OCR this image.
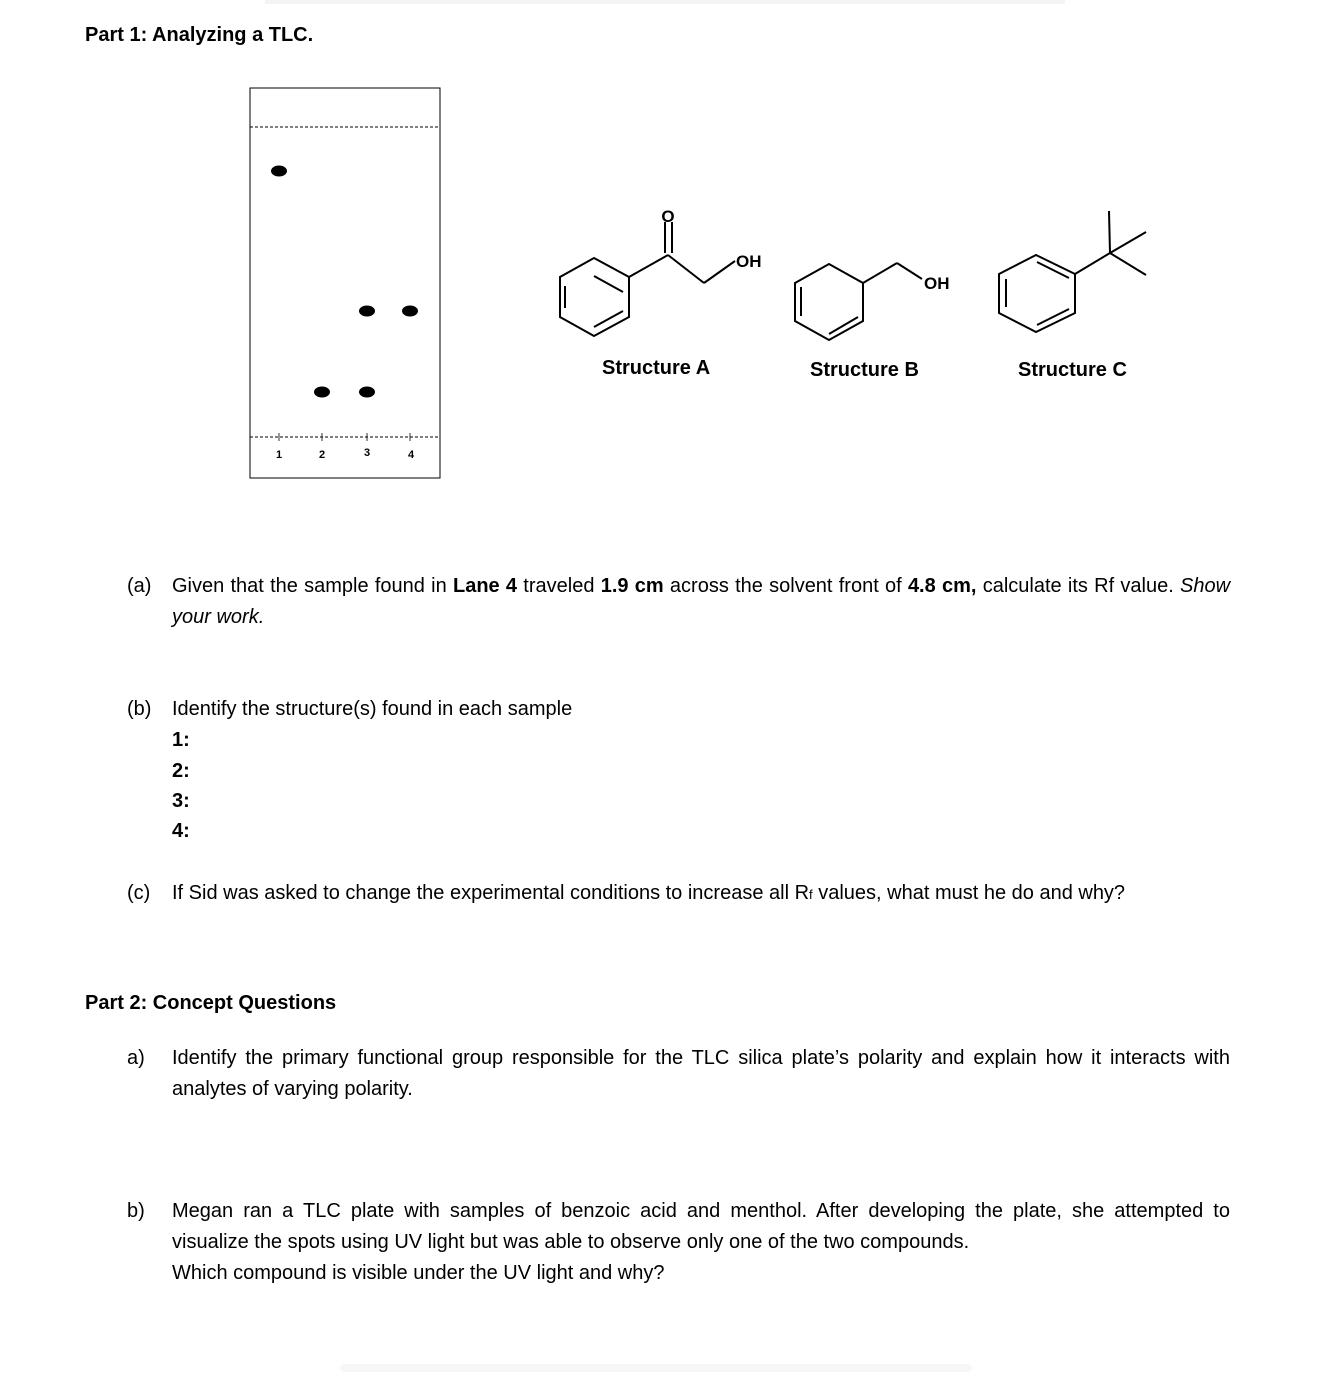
Part 1: Analyzing a TLC.
1	2	3	4
O
OH
OH
Structure A	Structure B	Structure C
(a) Given that the sample found in Lane 4 traveled 1.9 cm across the solvent front of 4.8 cm, calculate its Rf value. Show your work.
(b) Identify the structure(s) found in each sample
1:
2:
3:
4:
(c) If Sid was asked to change the experimental conditions to increase all Rf values, what must he do and why?
Part 2: Concept Questions
a) Identify the primary functional group responsible for the TLC silica plate’s polarity and explain how it interacts with analytes of varying polarity.
b) Megan ran a TLC plate with samples of benzoic acid and menthol. After developing the plate, she attempted to visualize the spots using UV light but was able to observe only one of the two compounds.
Which compound is visible under the UV light and why?
